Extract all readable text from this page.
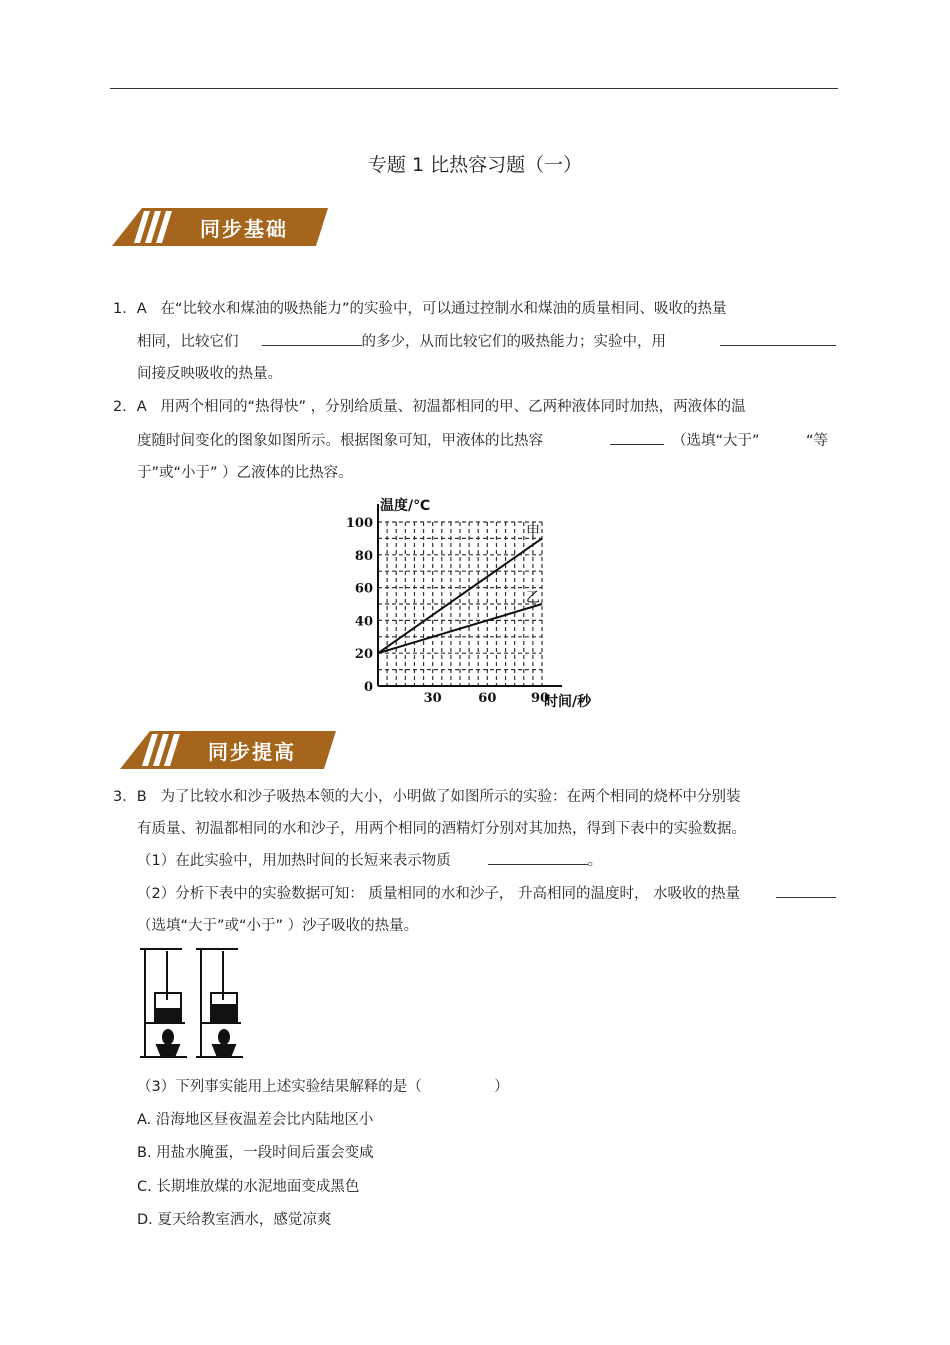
专题 1 比热容习题（一）
同步基础
1．A 在“比较水和煤油的吸热能力”的实验中，可以通过控制水和煤油的质量相同、吸收的热量
相同，比较它们	的多少，从而比较它们的吸热能力；实验中，用
间接反映吸收的热量。
2．A 用两个相同的“热得快” ，分别给质量、初温都相同的甲、乙两种液体同时加热，两液体的温
度随时间变化的图象如图所示。根据图象可知，甲液体的比热容	（选填“大于”	“等
于”或“小于” ）乙液体的比热容。
0
20
40
60
80
100
30	60	90
温度/℃
时间/秒
甲
乙
同步提高
3．B 为了比较水和沙子吸热本领的大小，小明做了如图所示的实验：在两个相同的烧杯中分别装
有质量、初温都相同的水和沙子，用两个相同的酒精灯分别对其加热，得到下表中的实验数据。
（1）在此实验中，用加热时间的长短来表示物质	。
（2）分析下表中的实验数据可知： 质量相同的水和沙子， 升高相同的温度时， 水吸收的热量
（选填“大于”或“小于” ）沙子吸收的热量。
（3）下列事实能用上述实验结果解释的是（　　　　　）
A. 沿海地区昼夜温差会比内陆地区小
B. 用盐水腌蛋，一段时间后蛋会变咸
C. 长期堆放煤的水泥地面变成黑色
D. 夏天给教室洒水，感觉凉爽
